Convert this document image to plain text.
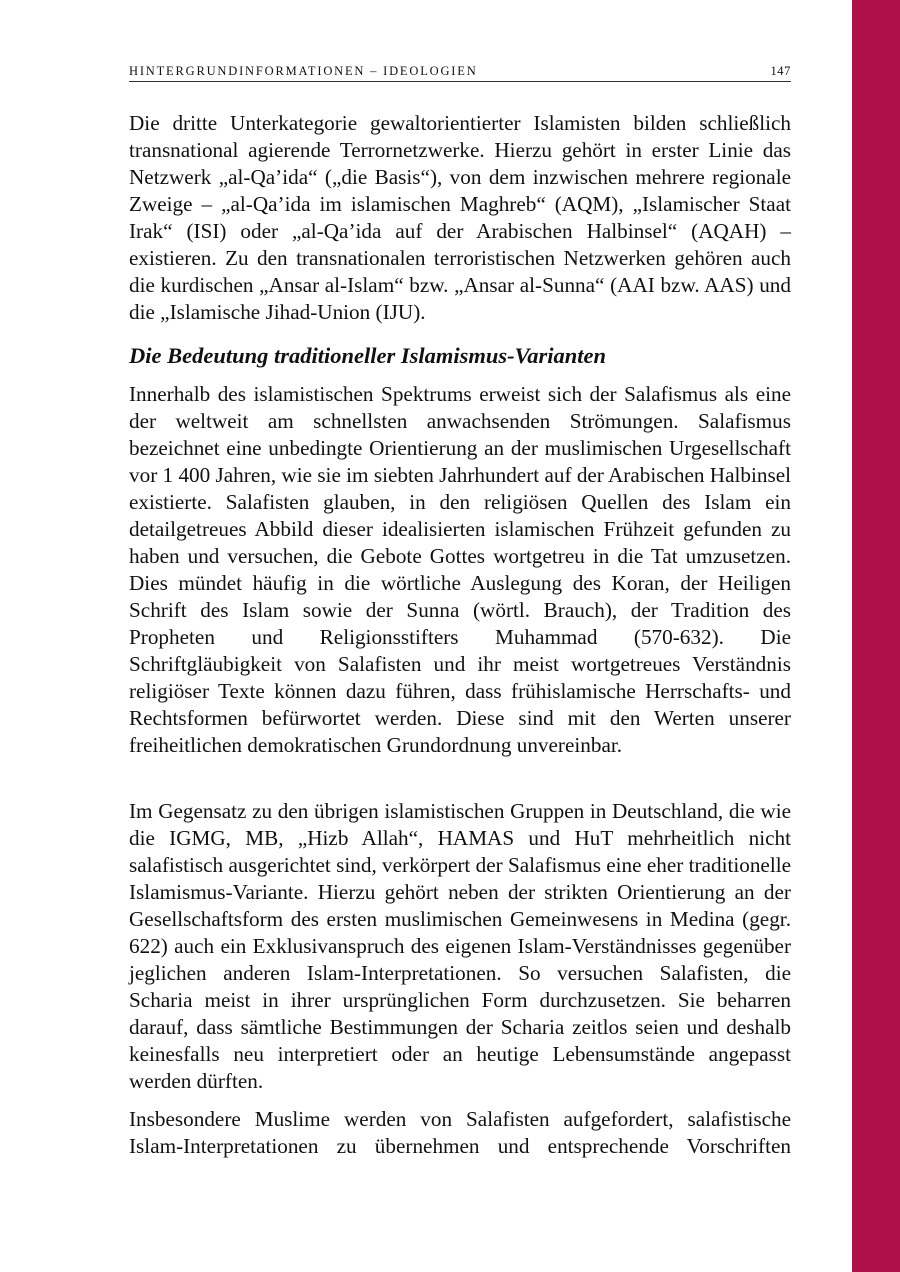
HINTERGRUNDINFORMATIONEN – IDEOLOGIEN	147

Die dritte Unterkategorie gewaltorientierter Islamisten bilden schließlich transnational agierende Terrornetzwerke. Hierzu gehört in erster Linie das Netzwerk „al-Qa’ida“ („die Basis“), von dem inzwischen mehrere regionale Zweige – „al-Qa’ida im islamischen Maghreb“ (AQM), „Islamischer Staat Irak“ (ISI) oder „al-Qa’ida auf der Arabischen Halbinsel“ (AQAH) – existieren. Zu den transnationalen terroristischen Netzwerken gehören auch die kurdischen „Ansar al-Islam“ bzw. „Ansar al-Sunna“ (AAI bzw. AAS) und die „Islamische Jihad-Union (IJU).

Die Bedeutung traditioneller Islamismus-Varianten

Innerhalb des islamistischen Spektrums erweist sich der Salafismus als eine der weltweit am schnellsten anwachsenden Strömungen. Salafismus bezeichnet eine unbedingte Orientierung an der muslimischen Urgesellschaft vor 1 400 Jahren, wie sie im siebten Jahrhundert auf der Arabischen Halbinsel existierte. Salafisten glauben, in den religiösen Quellen des Islam ein detailgetreues Abbild dieser idealisierten islamischen Frühzeit gefunden zu haben und versuchen, die Gebote Gottes wortgetreu in die Tat umzusetzen. Dies mündet häufig in die wörtliche Auslegung des Koran, der Heiligen Schrift des Islam sowie der Sunna (wörtl. Brauch), der Tradition des Propheten und Religionsstifters Muhammad (570-632). Die Schriftgläubigkeit von Salafisten und ihr meist wortgetreues Verständnis religiöser Texte können dazu führen, dass frühislamische Herrschafts- und Rechtsformen befürwortet werden. Diese sind mit den Werten unserer freiheitlichen demokratischen Grundordnung unvereinbar.

Im Gegensatz zu den übrigen islamistischen Gruppen in Deutschland, die wie die IGMG, MB, „Hizb Allah“, HAMAS und HuT mehrheitlich nicht salafistisch ausgerichtet sind, verkörpert der Salafismus eine eher traditionelle Islamismus-Variante. Hierzu gehört neben der strikten Orientierung an der Gesellschaftsform des ersten muslimischen Gemeinwesens in Medina (gegr. 622) auch ein Exklusivanspruch des eigenen Islam-Verständnisses gegenüber jeglichen anderen Islam-Interpretationen. So versuchen Salafisten, die Scharia meist in ihrer ursprünglichen Form durchzusetzen. Sie beharren darauf, dass sämtliche Bestimmungen der Scharia zeitlos seien und deshalb keinesfalls neu interpretiert oder an heutige Lebensumstände angepasst werden dürften.

Insbesondere Muslime werden von Salafisten aufgefordert, salafistische Islam-Interpretationen zu übernehmen und entsprechende Vorschriften
